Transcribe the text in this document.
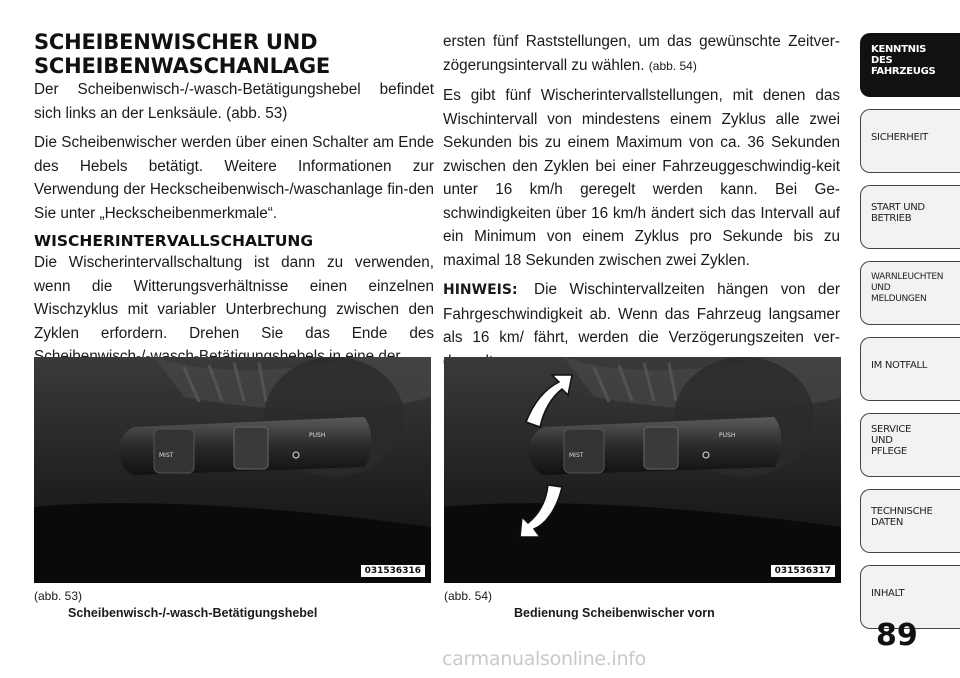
SCHEIBENWISCHER UND
SCHEIBENWASCHANLAGE

Der Scheibenwisch-/-wasch-Betätigungshebel befindet sich links an der Lenksäule. (abb. 53)

Die Scheibenwischer werden über einen Schalter am Ende des Hebels betätigt. Weitere Informationen zur Verwendung der Heckscheibenwisch-/waschanlage fin-den Sie unter „Heckscheibenmerkmale“.

WISCHERINTERVALLSCHALTUNG

Die Wischerintervallschaltung ist dann zu verwenden, wenn die Witterungsverhältnisse einen einzelnen Wischzyklus mit variabler Unterbrechung zwischen den Zyklen erfordern. Drehen Sie das Ende des

ersten fünf Raststellungen, um das gewünschte Zeitver-zögerungsintervall zu wählen. (abb. 54)

Es gibt fünf Wischerintervallstellungen, mit denen das Wischintervall von mindestens einem Zyklus alle zwei Sekunden bis zu einem Maximum von ca. 36 Sekunden zwischen den Zyklen bei einer Fahrzeuggeschwindig-keit unter 16 km/h geregelt werden kann. Bei Ge-schwindigkeiten über 16 km/h ändert sich das Intervall auf ein Minimum von einem Zyklus pro Sekunde bis zu maximal 18 Sekunden zwischen zwei Zyklen.

HINWEIS: Die Wischintervallzeiten hängen von der Fahrgeschwindigkeit ab. Wenn das Fahrzeug langsamer als 16 km/ fährt, werden die Verzögerungszeiten ver-

MIST
PUSH
031536316
(abb. 53)
Scheibenwisch-/-wasch-Betätigungshebel
MIST
PUSH
031536317
(abb. 54)
Bedienung Scheibenwischer vorn
KENNTNIS
DES
FAHRZEUGS
SICHERHEIT
START UND
BETRIEB
WARNLEUCHTEN
UND
MELDUNGEN
IM NOTFALL
SERVICE
UND
PFLEGE
TECHNISCHE
DATEN
INHALT
89
carmanualsonline.info
